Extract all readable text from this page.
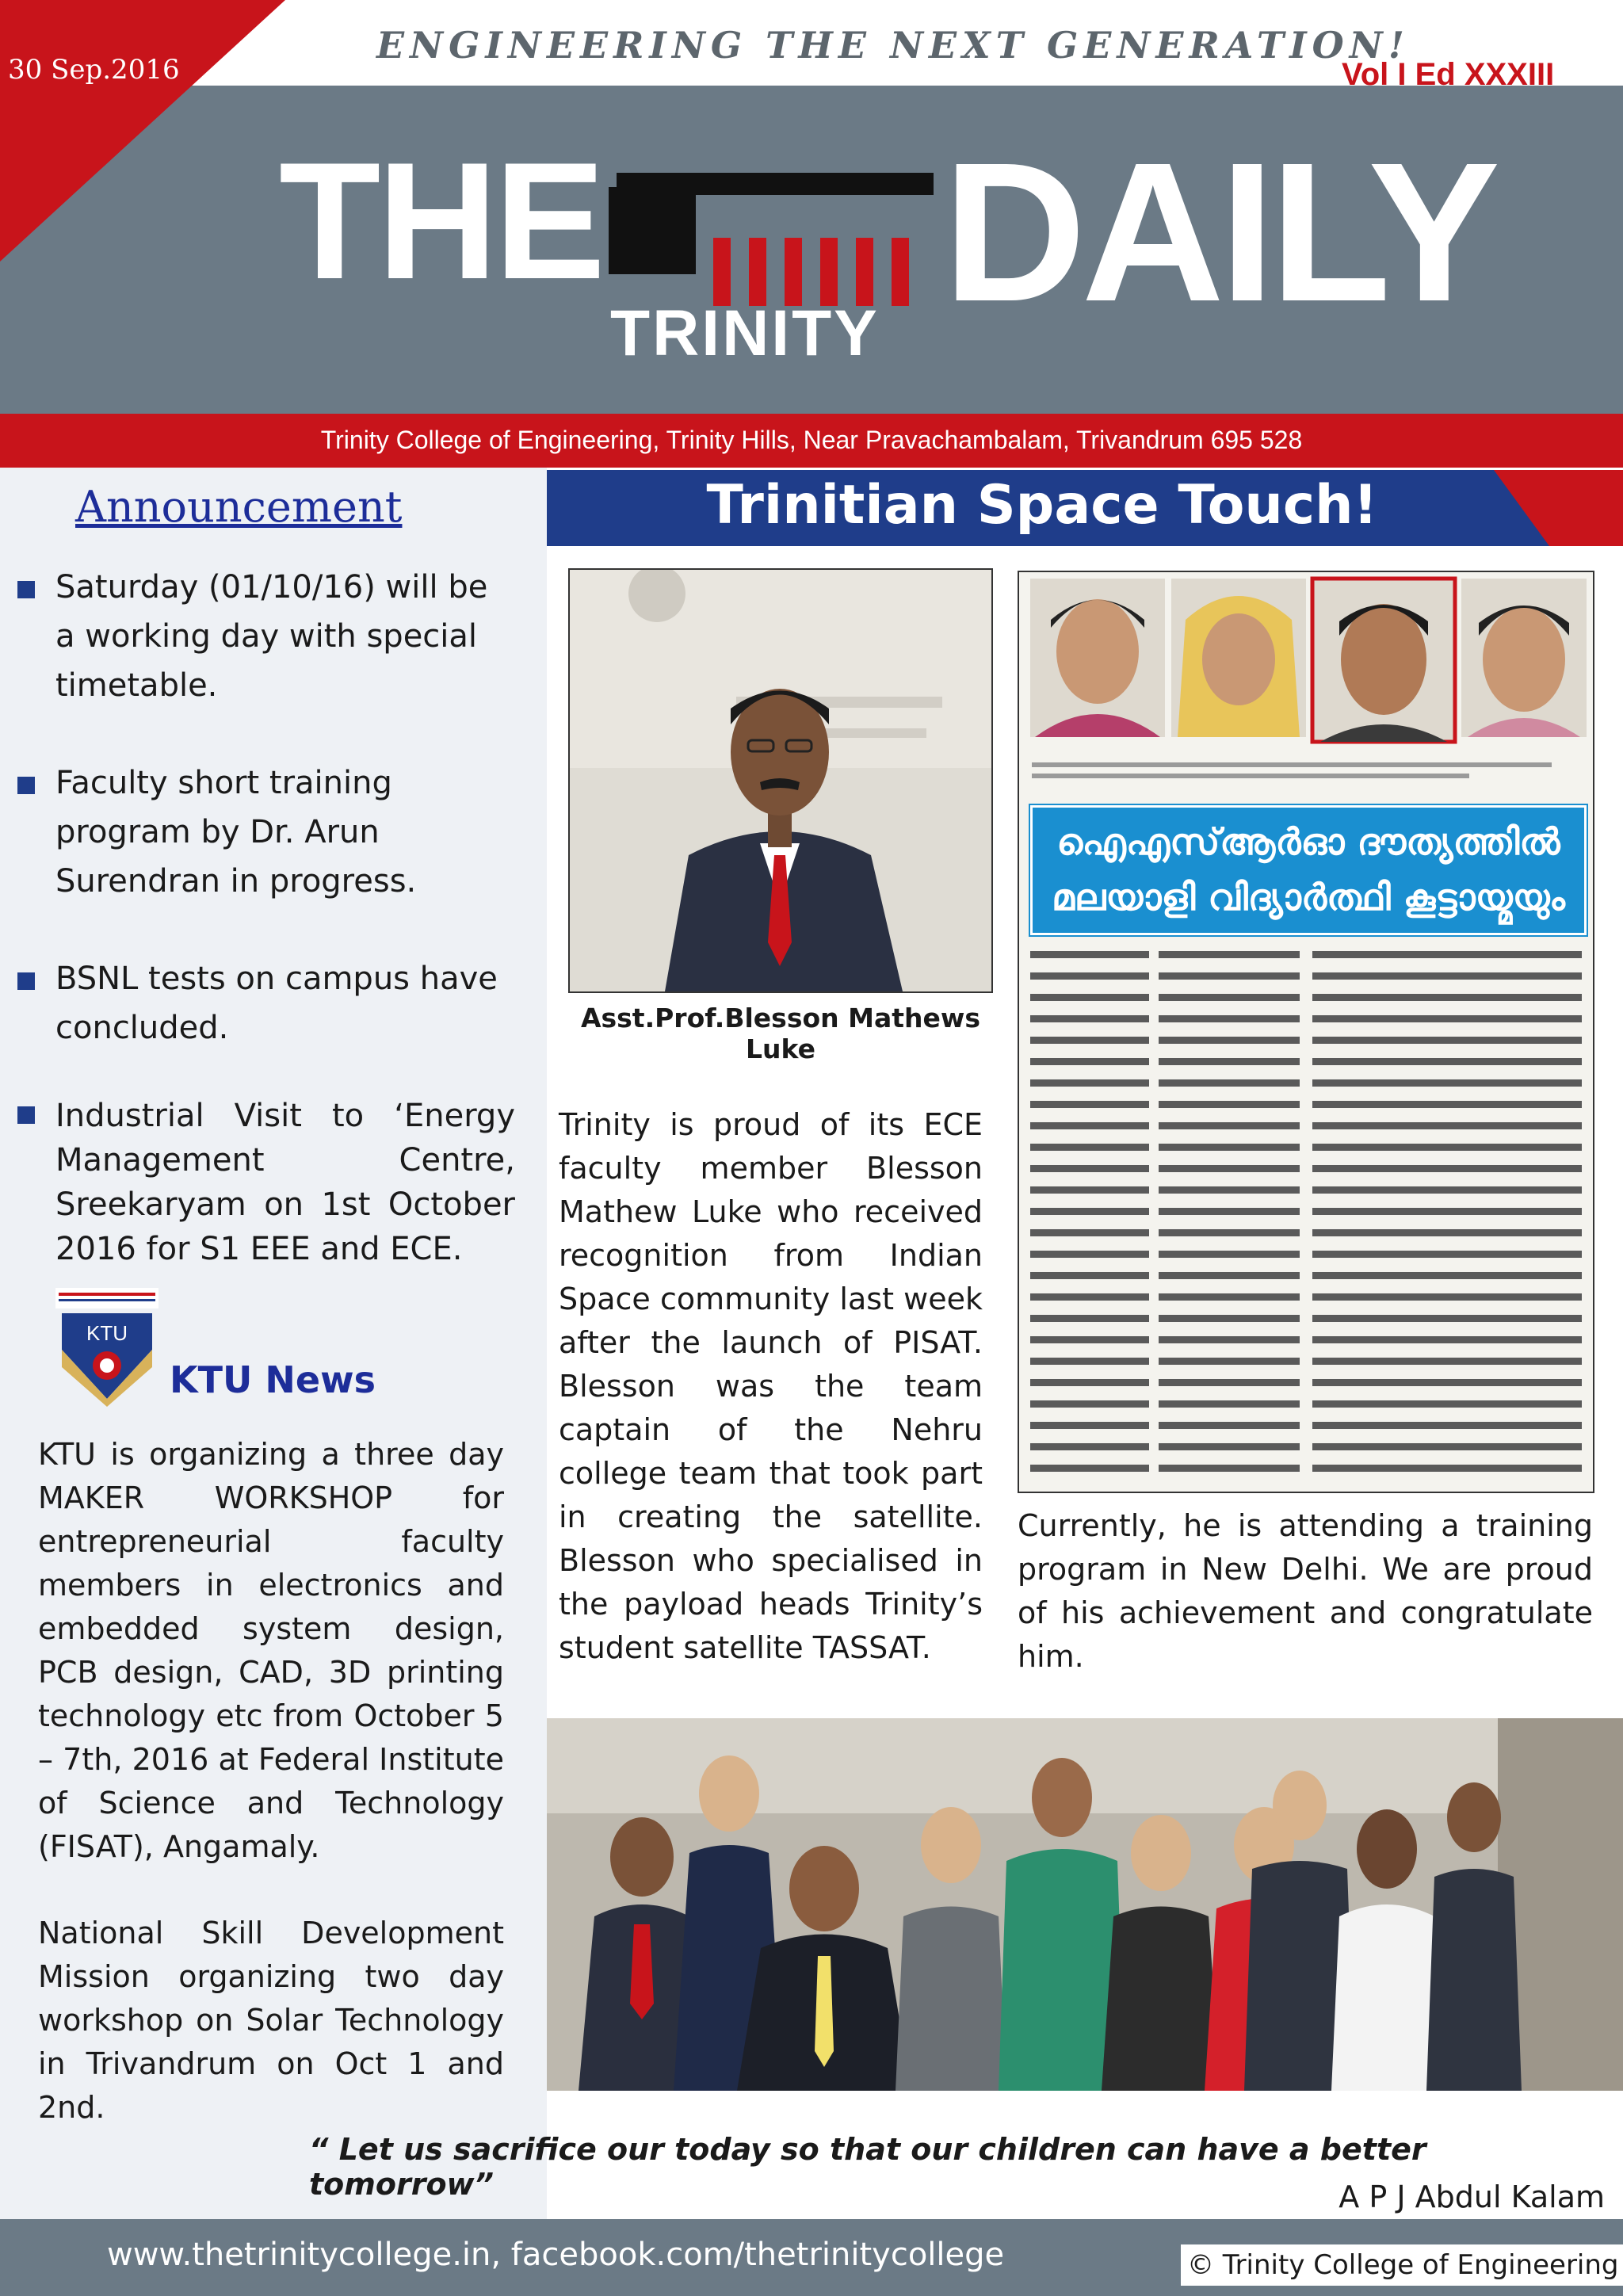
30 Sep.2016
ENGINEERING THE NEXT GENERATION!
Vol I Ed XXXIII
THE
TRINITY DAILY
Trinity College of Engineering, Trinity Hills, Near Pravachambalam, Trivandrum 695 528
Announcement
Saturday (01/10/16) will be a working day with special timetable.
Faculty short training program by Dr. Arun Surendran in progress.
BSNL tests on campus have concluded.
Industrial Visit to ‘Energy Management Centre, Sreekaryam on 1st October 2016 for S1 EEE and ECE.
KTU
KTU News
KTU is organizing a three day MAKER WORKSHOP for entrepreneurial faculty members in electronics and embedded system design, PCB design, CAD, 3D printing technology etc from October 5 – 7th, 2016 at Federal Institute of Science and Technology (FISAT), Angamaly.
National Skill Development Mission organizing two day workshop on Solar Technology in Trivandrum on Oct 1 and 2nd.
Trinitian Space Touch!
Asst.Prof.Blesson Mathews Luke
Trinity is proud of its ECE faculty member Blesson Mathew Luke who received recognition from Indian Space community last week after the launch of PISAT. Blesson was the team captain of the Nehru college team that took part in creating the satellite. Blesson who specialised in the payload heads Trinity’s student satellite TASSAT.
ഐഎസ്ആർഓ ദൗത്യത്തിൽ
മലയാളി വിദ്യാർത്ഥി കൂട്ടായ്മയും
Currently, he is attending a training program in New Delhi. We are proud of his achievement and congratulate him.
“ Let us sacrifice our today so that our children can have a better tomorrow”	A P J Abdul Kalam
www.thetrinitycollege.in, facebook.com/thetrinitycollege	© Trinity College of Engineering
